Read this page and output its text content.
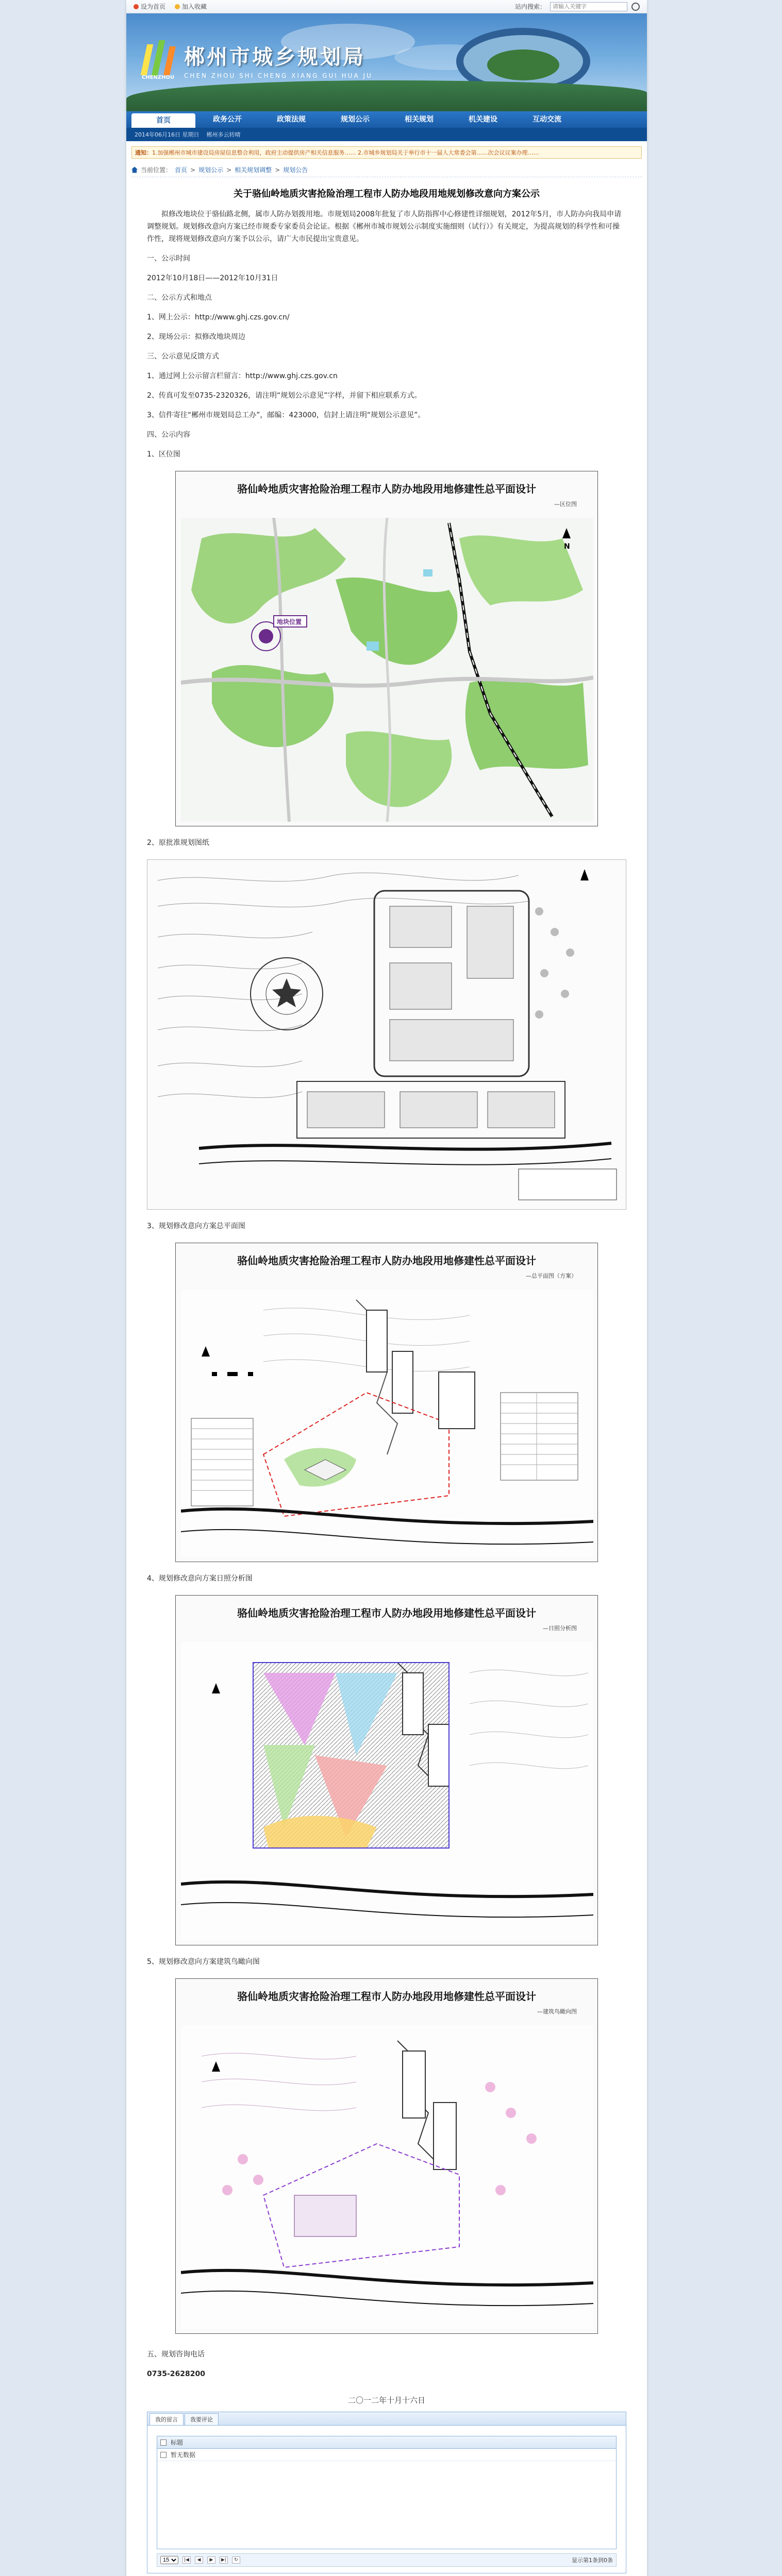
设为首页	加入收藏	站内搜索：
请输入关键字
CHENZHOU
郴州市城乡规划局
CHEN ZHOU SHI CHENG XIANG GUI HUA JU
首页	政务公开	政策法规	规划公示	相关规划	机关建设	互动交流
2014年06月16日 星期日 郴州多云转晴
通知： 1.加强郴州市城市建设局房屋信息整合利用，政府主动提供房产相关信息服务…… 2.市城乡规划局关于举行市十一届人大常委会第……次会议议案办理……
当前位置： 首页 > 规划公示 > 相关规划调整 > 规划公告
关于骆仙岭地质灾害抢险治理工程市人防办地段用地规划修改意向方案公示
拟修改地块位于骆仙路北侧，属市人防办划拨用地。市规划局2008年批复了市人防指挥中心修建性详细规划，2012年5月，市人防办向我局申请调整规划。规划修改意向方案已经市规委专家委员会论证。根据《郴州市城市规划公示制度实施细则（试行）》有关规定，为提高规划的科学性和可操作性，现将规划修改意向方案予以公示，请广大市民提出宝贵意见。
一、公示时间
2012年10月18日——2012年10月31日
二、公示方式和地点
1、网上公示：http://www.ghj.czs.gov.cn/
2、现场公示：拟修改地块周边
三、公示意见反馈方式
1、通过网上公示留言栏留言：http://www.ghj.czs.gov.cn
2、传真可发至0735-2320326，请注明“规划公示意见”字样，并留下相应联系方式。
3、信件寄往“郴州市规划局总工办”，邮编：423000，信封上请注明“规划公示意见”。
四、公示内容
1、区位图
骆仙岭地质灾害抢险治理工程市人防办地段用地修建性总平面设计
—区位图
地块位置
N
2、原批准规划图纸
3、规划修改意向方案总平面图
骆仙岭地质灾害抢险治理工程市人防办地段用地修建性总平面设计
—总平面图（方案）
4、规划修改意向方案日照分析图
骆仙岭地质灾害抢险治理工程市人防办地段用地修建性总平面设计
—日照分析图
5、规划修改意向方案建筑鸟瞰向图
骆仙岭地质灾害抢险治理工程市人防办地段用地修建性总平面设计
—建筑鸟瞰向图
五、规划咨询电话
0735-2628200
二〇一二年十月十六日
我的留言	我要评论
标题
暂无数据
15
|◀	◀	▶	▶|	↻	显示第1条到0条
